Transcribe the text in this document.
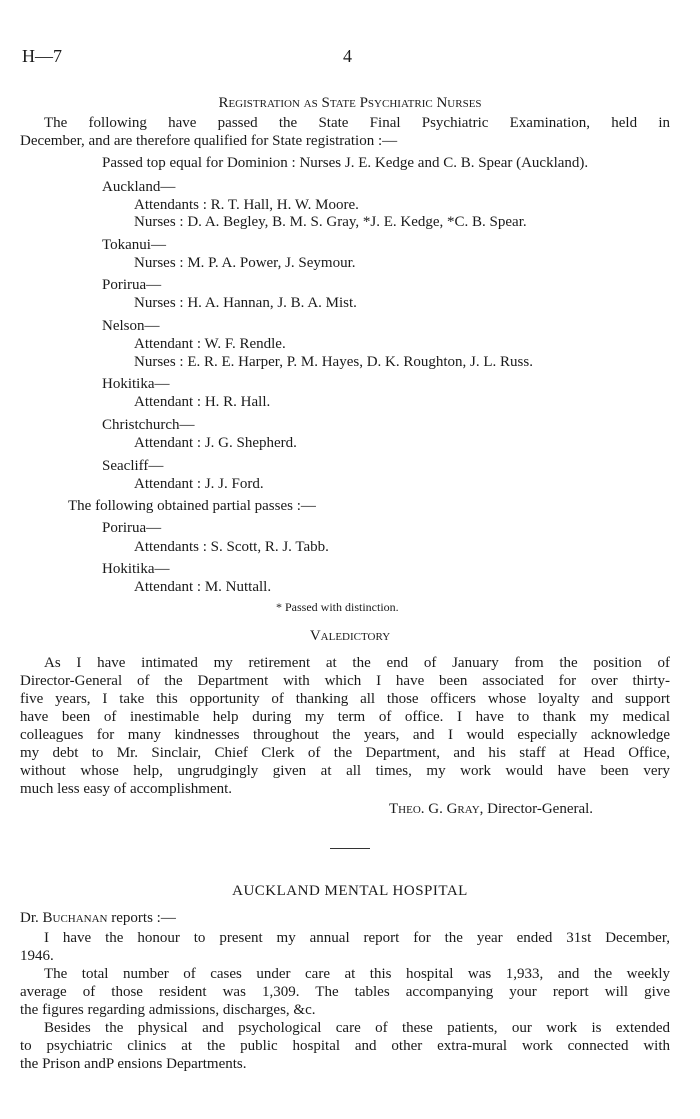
H—7	4
Registration as State Psychiatric Nurses
The following have passed the State Final Psychiatric Examination, held in
December, and are therefore qualified for State registration :—
Passed top equal for Dominion : Nurses J. E. Kedge and C. B. Spear (Auckland).
Auckland—
Attendants : R. T. Hall, H. W. Moore.
Nurses : D. A. Begley, B. M. S. Gray, *J. E. Kedge, *C. B. Spear.
Tokanui—
Nurses : M. P. A. Power, J. Seymour.
Porirua—
Nurses : H. A. Hannan, J. B. A. Mist.
Nelson—
Attendant : W. F. Rendle.
Nurses : E. R. E. Harper, P. M. Hayes, D. K. Roughton, J. L. Russ.
Hokitika—
Attendant : H. R. Hall.
Christchurch—
Attendant : J. G. Shepherd.
Seacliff—
Attendant : J. J. Ford.
The following obtained partial passes :—
Porirua—
Attendants : S. Scott, R. J. Tabb.
Hokitika—
Attendant : M. Nuttall.
* Passed with distinction.
Valedictory
As I have intimated my retirement at the end of January from the position of
Director-General of the Department with which I have been associated for over thirty-
five years, I take this opportunity of thanking all those officers whose loyalty and support
have been of inestimable help during my term of office. I have to thank my medical
colleagues for many kindnesses throughout the years, and I would especially acknowledge
my debt to Mr. Sinclair, Chief Clerk of the Department, and his staff at Head Office,
without whose help, ungrudgingly given at all times, my work would have been very
much less easy of accomplishment.
Theo. G. Gray, Director-General.
AUCKLAND MENTAL HOSPITAL
Dr. Buchanan reports :—
I have the honour to present my annual report for the year ended 31st December,
1946.
The total number of cases under care at this hospital was 1,933, and the weekly
average of those resident was 1,309. The tables accompanying your report will give
the figures regarding admissions, discharges, &c.
Besides the physical and psychological care of these patients, our work is extended
to psychiatric clinics at the public hospital and other extra-mural work connected with
the Prison andP ensions Departments.
